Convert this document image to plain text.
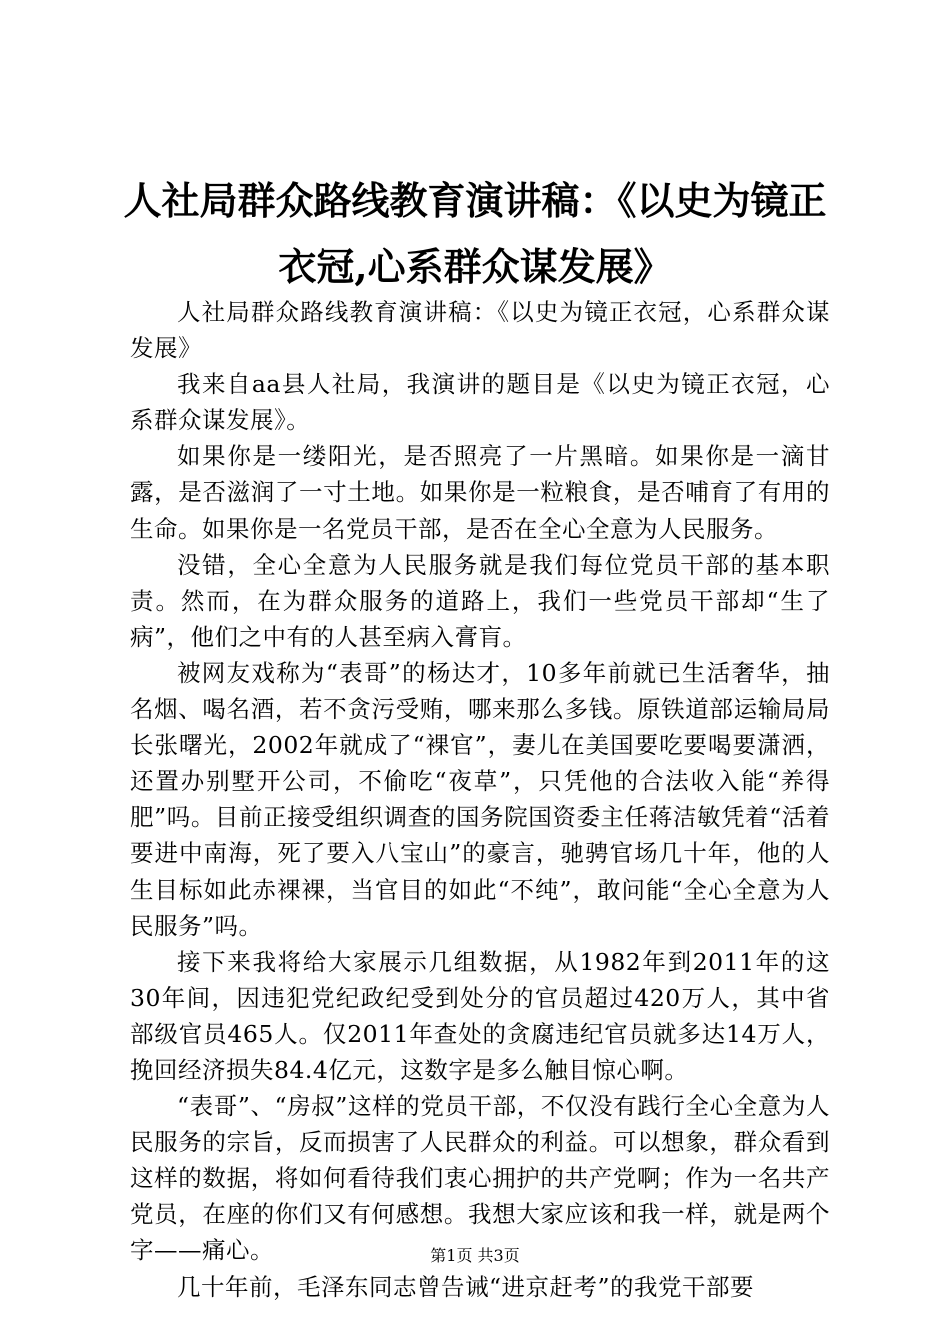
人社局群众路线教育演讲稿：《以史为镜正衣冠,心系群众谋发展》

人社局群众路线教育演讲稿：《以史为镜正衣冠，心系群众谋发展》

我来自aa县人社局，我演讲的题目是《以史为镜正衣冠，心系群众谋发展》。

如果你是一缕阳光，是否照亮了一片黑暗。如果你是一滴甘露，是否滋润了一寸土地。如果你是一粒粮食，是否哺育了有用的生命。如果你是一名党员干部，是否在全心全意为人民服务。

没错，全心全意为人民服务就是我们每位党员干部的基本职责。然而，在为群众服务的道路上，我们一些党员干部却“生了病”，他们之中有的人甚至病入膏肓。

被网友戏称为“表哥”的杨达才，10多年前就已生活奢华，抽名烟、喝名酒，若不贪污受贿，哪来那么多钱。原铁道部运输局局长张曙光，2002年就成了“裸官”，妻儿在美国要吃要喝要潇洒，还置办别墅开公司，不偷吃“夜草”，只凭他的合法收入能“养得肥”吗。目前正接受组织调查的国务院国资委主任蒋洁敏凭着“活着要进中南海，死了要入八宝山”的豪言，驰骋官场几十年，他的人生目标如此赤裸裸，当官目的如此“不纯”，敢问能“全心全意为人民服务”吗。

接下来我将给大家展示几组数据，从1982年到2011年的这30年间，因违犯党纪政纪受到处分的官员超过420万人，其中省部级官员465人。仅2011年查处的贪腐违纪官员就多达14万人，挽回经济损失84.4亿元，这数字是多么触目惊心啊。

“表哥”、“房叔”这样的党员干部，不仅没有践行全心全意为人民服务的宗旨，反而损害了人民群众的利益。可以想象，群众看到这样的数据，将如何看待我们衷心拥护的共产党啊；作为一名共产党员，在座的你们又有何感想。我想大家应该和我一样，就是两个字——痛心。

几十年前，毛泽东同志曾告诫“进京赶考”的我党干部要

第1页 共3页
